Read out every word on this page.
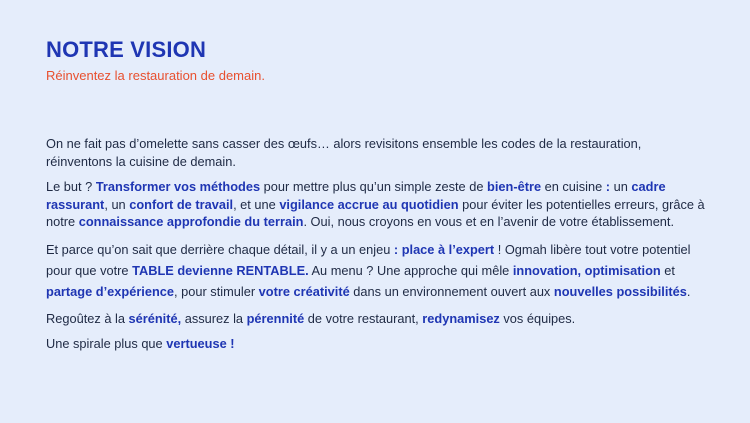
NOTRE VISION

Réinventez la restauration de demain.

On ne fait pas d’omelette sans casser des œufs… alors revisitons ensemble les codes de la restauration, réinventons la cuisine de demain.

Le but ? Transformer vos méthodes pour mettre plus qu’un simple zeste de bien-être en cuisine : un cadre rassurant, un confort de travail, et une vigilance accrue au quotidien pour éviter les potentielles erreurs, grâce à notre connaissance approfondie du terrain. Oui, nous croyons en vous et en l’avenir de votre établissement.

Et parce qu’on sait que derrière chaque détail, il y a un enjeu : place à l’expert ! Ogmah libère tout votre potentiel pour que votre TABLE devienne RENTABLE. Au menu ? Une approche qui mêle innovation, optimisation et partage d’expérience, pour stimuler votre créativité dans un environnement ouvert aux nouvelles possibilités.

Regoûtez à la sérénité, assurez la pérennité de votre restaurant, redynamisez vos équipes.

Une spirale plus que vertueuse !
